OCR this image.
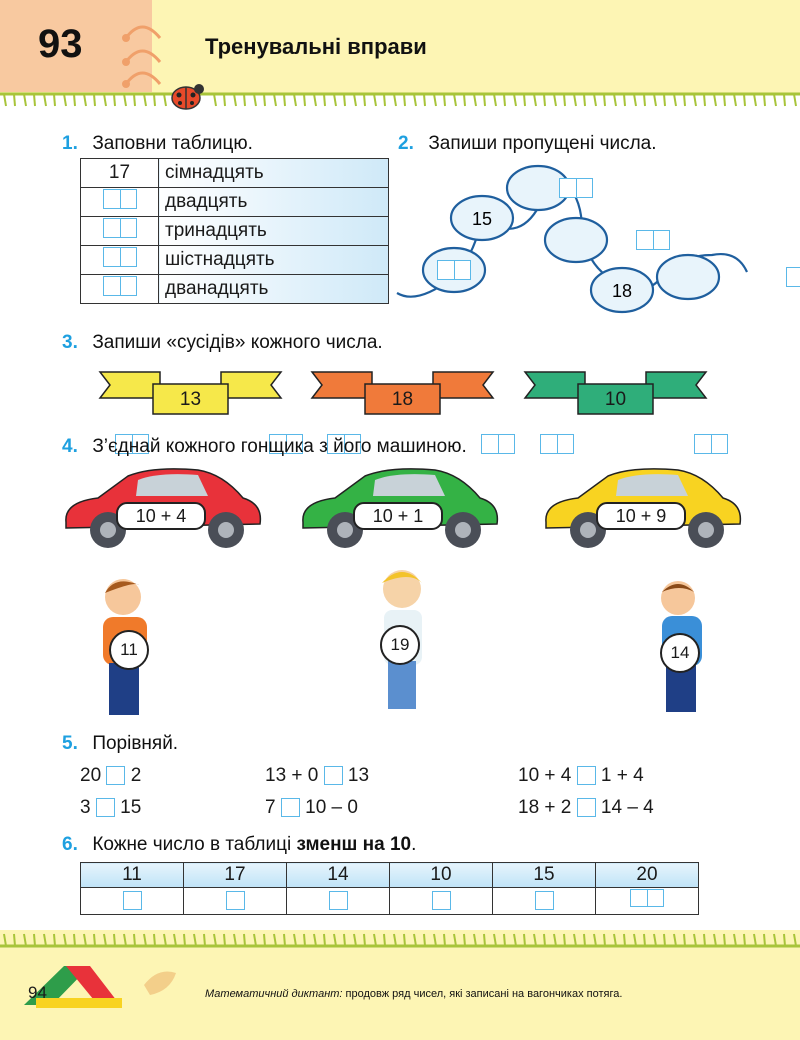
93	Тренувальні вправи
1. Заповни таблицю.
17	сімнадцять
	двадцять
	тринадцять
	шістнадцять
	дванадцять
2. Запиши пропущені числа.
15
18

3. Запиши «сусідів» кожного числа.

13
	18
	10
4. З’єднай кожного гонщика з його машиною.
10 + 4	10 + 1	10 + 9
11	19	14
5. Порівняй.
20 2	13 + 0 13	10 + 4 1 + 4
3 15	7 10 – 0	18 + 2 14 – 4
6. Кожне число в таблиці зменш на 10.
11	17	14	10	15	20

94	Математичний диктант: продовж ряд чисел, які записані на вагончиках потяга.
